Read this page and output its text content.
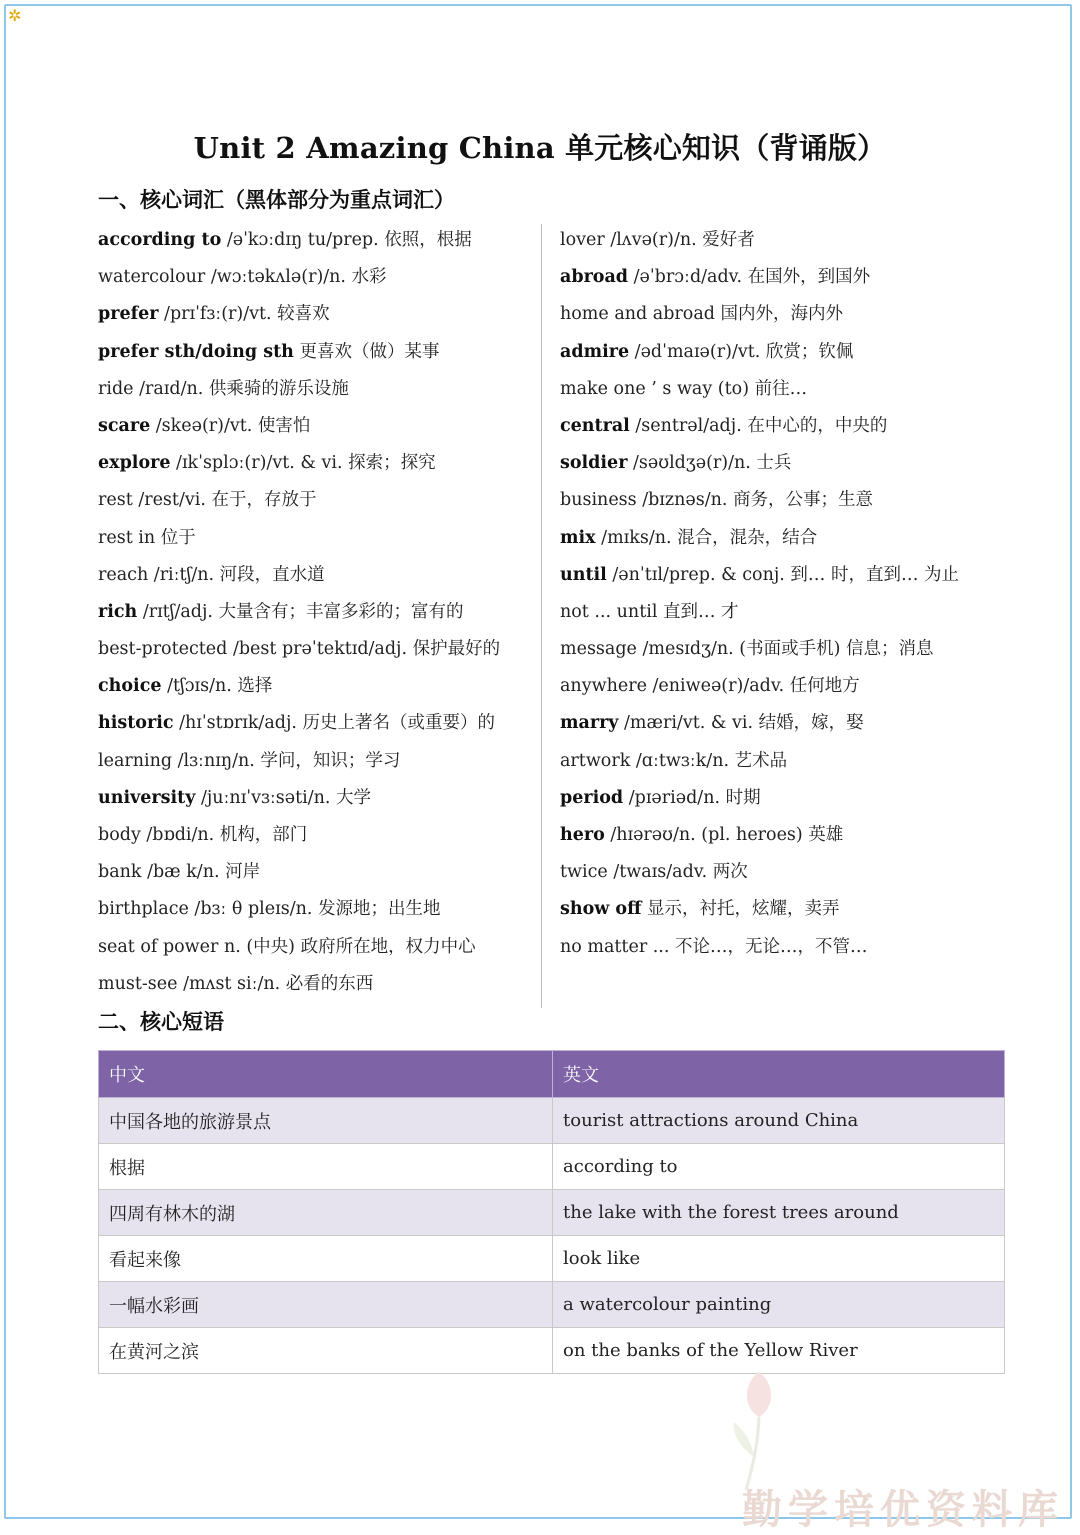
✲
Unit 2 Amazing China 单元核心知识（背诵版）
一、核心词汇（黑体部分为重点词汇）
according to /əˈkɔːdɪŋ tu/prep. 依照，根据
watercolour /wɔːtəkʌlə(r)/n. 水彩
prefer /prɪˈfɜː(r)/vt. 较喜欢
prefer sth/doing sth 更喜欢（做）某事
ride /raɪd/n. 供乘骑的游乐设施
scare /skeə(r)/vt. 使害怕
explore /ɪkˈsplɔː(r)/vt. & vi. 探索；探究
rest /rest/vi. 在于，存放于
rest in 位于
reach /riːtʃ/n. 河段，直水道
rich /rɪtʃ/adj. 大量含有；丰富多彩的；富有的
best-protected /best prəˈtektɪd/adj. 保护最好的
choice /tʃɔɪs/n. 选择
historic /hɪˈstɒrɪk/adj. 历史上著名（或重要）的
learning /lɜːnɪŋ/n. 学问，知识；学习
university /juːnɪˈvɜːsəti/n. 大学
body /bɒdi/n. 机构，部门
bank /bæ k/n. 河岸
birthplace /bɜː θ pleɪs/n. 发源地；出生地
seat of power n. (中央) 政府所在地，权力中心
must-see /mʌst siː/n. 必看的东西
lover /lʌvə(r)/n. 爱好者
abroad /əˈbrɔːd/adv. 在国外，到国外
home and abroad 国内外，海内外
admire /ədˈmaɪə(r)/vt. 欣赏；钦佩
make one ’ s way (to) 前往…
central /sentrəl/adj. 在中心的，中央的
soldier /səʊldʒə(r)/n. 士兵
business /bɪznəs/n. 商务，公事；生意
mix /mɪks/n. 混合，混杂，结合
until /ənˈtɪl/prep. & conj. 到… 时，直到… 为止
not ... until 直到… 才
message /mesɪdʒ/n. (书面或手机) 信息；消息
anywhere /eniweə(r)/adv. 任何地方
marry /mæri/vt. & vi. 结婚，嫁，娶
artwork /ɑːtwɜːk/n. 艺术品
period /pɪəriəd/n. 时期
hero /hɪərəʊ/n. (pl. heroes) 英雄
twice /twaɪs/adv. 两次
show off 显示，衬托，炫耀，卖弄
no matter ... 不论…，无论…，不管…
二、核心短语
中文	英文
中国各地的旅游景点	tourist attractions around China
根据	according to
四周有林木的湖	the lake with the forest trees around
看起来像	look like
一幅水彩画	a watercolour painting
在黄河之滨	on the banks of the Yellow River
勤学培优资料库
